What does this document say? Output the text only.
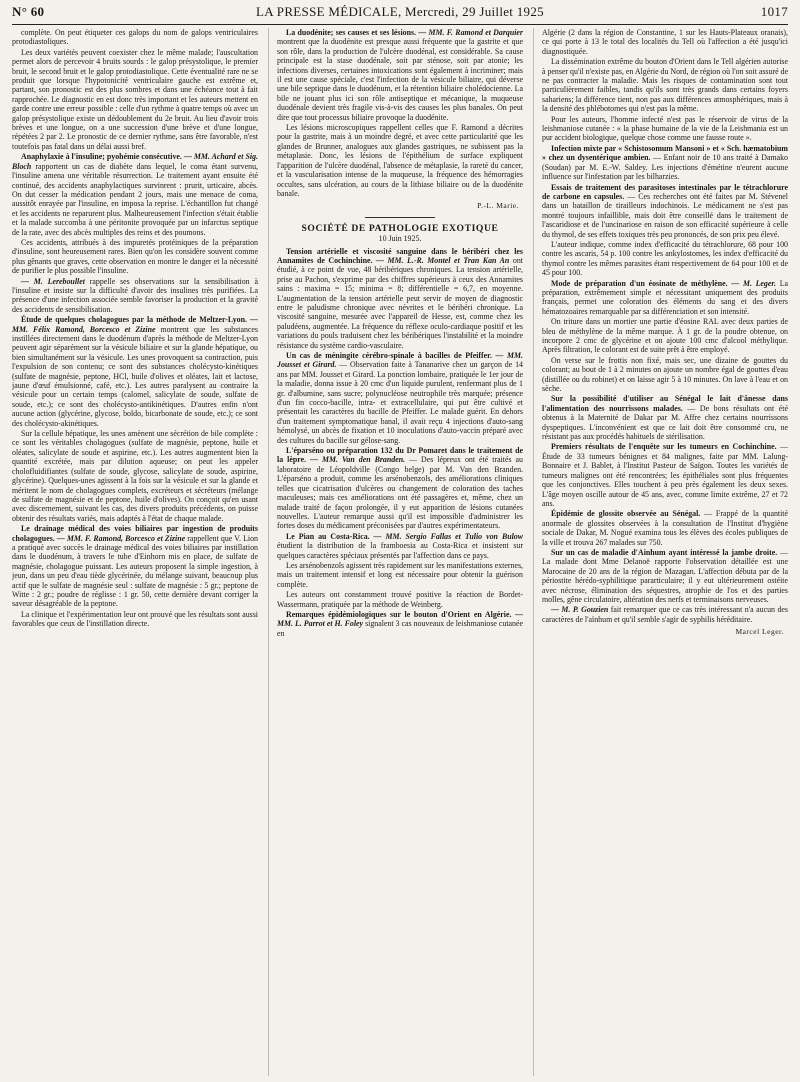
N° 60	LA PRESSE MÉDICALE, Mercredi, 29 Juillet 1925	1017

complète. On peut étiqueter ces galops du nom de galops ventriculaires protodiastoliques.

Les deux variétés peuvent coexister chez le même malade; l'auscultation permet alors de percevoir 4 bruits sourds : le galop présystolique, le premier bruit, le second bruit et le galop protodiastolique. Cette éventualité rare ne se produit que lorsque l'hypotonicité ventriculaire gauche est extrême et, partant, son pronostic est des plus sombres et dans une échéance tout à fait rapprochée. Le diagnostic en est donc très important et les auteurs mettent en garde contre une erreur possible : celle d'un rythme à quatre temps où avec un galop présystolique existe un dédoublement du 2e bruit. Au lieu d'avoir trois brèves et une longue, on a une succession d'une brève et d'une longue, répétées 2 par 2. Le pronostic de ce dernier rythme, sans être favorable, n'est toutefois pas fatal dans un délai aussi bref.

Anaphylaxie à l'insuline; pyohémie consécutive. — MM. Achard et Sig. Bloch rapportent un cas de diabète dans lequel, le coma étant survenu, l'insuline amena une véritable résurrection. Le traitement ayant ensuite été continué, des accidents anaphylactiques survinrent : prurit, urticaire, abcès. On dut cesser la médication pendant 2 jours, mais une menace de coma, aussitôt enrayée par l'insuline, en imposa la reprise. L'échantillon fut changé et les accidents ne reparurent plus. Malheureusement l'infection s'était établie et la malade succomba à une péritonite provoquée par un infarctus septique de la rate, avec des abcès multiples des reins et des poumons.

Ces accidents, attribués à des impuretés protéiniques de la préparation d'insuline, sont heureusement rares. Bien qu'on les considère souvent comme plus gênants que graves, cette observation en montre le danger et la nécessité de purifier le plus possible l'insuline.

— M. Lereboullet rappelle ses observations sur la sensibilisation à l'insuline et insiste sur la difficulté d'avoir des insulines très purifiées. La présence d'une infection associée semble favoriser la production et la gravité des accidents de sensibilisation.

Étude de quelques cholagogues par la méthode de Meltzer-Lyon. — MM. Félix Ramond, Borcesco et Zizine montrent que les substances instillées directement dans le duodénum d'après la méthode de Meltzer-Lyon peuvent agir séparément sur la vésicule biliaire et sur la glande hépatique, ou bien simultanément sur la vésicule. Les unes provoquent sa contraction, puis l'expulsion de son contenu; ce sont des substances cholécysto-kinétiques (sulfate de magnésie, peptone, HCl, huile d'olives et oléates, lait et lactose, jaune d'œuf émulsionné, café, etc.). Les autres paralysent au contraire la vésicule pour un certain temps (calomel, salicylate de soude, sulfate de soude, etc.); ce sont des cholécysto-antikinétiques. D'autres enfin n'ont aucune action (glycérine, glycose, boldo, bicarbonate de soude, etc.); ce sont des cholécysto-akinétiques.

Sur la cellule hépatique, les unes amènent une sécrétion de bile complète : ce sont les véritables cholagogues (sulfate de magnésie, peptone, huile et oléates, salicylate de soude et aspirine, etc.). Les autres augmentent bien la quantité excrétée, mais par dilution aqueuse; on peut les appeler cholofluidifiantes (sulfate de soude, glycose, salicylate de soude, aspirine, glycérine). Quelques-unes agissent à la fois sur la vésicule et sur la glande et méritent le nom de cholagogues complets, excréteurs et sécréteurs (mélange de sulfate de magnésie et de peptone, huile d'olives). On conçoit qu'en usant avec discernement, suivant les cas, des divers produits précédents, on puisse obtenir des résultats variés, mais adaptés à l'état de chaque malade.

Le drainage médical des voies biliaires par ingestion de produits cholagogues. — MM. F. Ramond, Borcesco et Zizine rappellent que V. Lion a pratiqué avec succès le drainage médical des voies biliaires par instillation dans le duodénum, à travers le tube d'Einhorn mis en place, de sulfate de magnésie, cholagogue puissant. Les auteurs proposent la simple ingestion, à jeun, dans un peu d'eau tiède glycérinée, du mélange suivant, beaucoup plus actif que le sulfate de magnésie seul : sulfate de magnésie : 5 gr.; peptone de Witte : 2 gr.; poudre de réglisse : 1 gr. 50, cette dernière devant corriger la saveur désagréable de la peptone.

La clinique et l'expérimentation leur ont prouvé que les résultats sont aussi favorables que ceux de l'instillation directe.

La duodénite; ses causes et ses lésions. — MM. F. Ramond et Darquier montrent que la duodénite est presque aussi fréquente que la gastrite et que son rôle, dans la production de l'ulcère duodénal, est considérable. Sa cause principale est la stase duodénale, soit par sténose, soit par atonie; les infections diverses, certaines intoxications sont également à incriminer; mais il est une cause spéciale, c'est l'infection de la vésicule biliaire, qui déverse une bile septique dans le duodénum, et la rétention biliaire cholédocienne. La bile ne jouant plus ici son rôle antiseptique et mécanique, la muqueuse duodénale devient très fragile vis-à-vis des causes les plus banales. On peut dire que tout processus biliaire provoque la duodénite.

Les lésions microscopiques rappellent celles que F. Ramond a décrites pour la gastrite, mais à un moindre degré, et avec cette particularité que les glandes de Brunner, analogues aux glandes gastriques, ne subissent pas la métaplasie. Donc, les lésions de l'épithélium de surface expliquent l'apparition de l'ulcère duodénal, l'absence de métaplasie, la rareté du cancer, et la vascularisation intense de la muqueuse, la fréquence des hémorragies occultes, sans ulcération, au cours de la lithiase biliaire ou de la duodénite banale.

P.-L. Marie.

SOCIÉTÉ DE PATHOLOGIE EXOTIQUE

10 Juin 1925.

Tension artérielle et viscosité sanguine dans le béribéri chez les Annamites de Cochinchine. — MM. L.-R. Montel et Tran Kan An ont étudié, à ce point de vue, 48 béribériques chroniques. La tension artérielle, prise au Pachon, s'exprime par des chiffres supérieurs à ceux des Annamites sains : maxima = 15; minima = 8; différentielle = 6,7, en moyenne. L'augmentation de la tension artérielle peut servir de moyen de diagnostic entre le paludisme chronique avec névrites et le béribéri chronique. La viscosité sanguine, mesurée avec l'appareil de Hesse, est, comme chez les paludéens, augmentée. La fréquence du réflexe oculo-cardiaque positif et les variations du pouls traduisent chez les béribériques l'instabilité et la moindre résistance du système cardio-vasculaire.

Un cas de méningite cérébro-spinale à bacilles de Pfeiffer. — MM. Jousset et Girard. — Observation faite à Tananarive chez un garçon de 14 ans par MM. Jousset et Girard. La ponction lombaire, pratiquée le 1er jour de la maladie, donna issue à 20 cmc d'un liquide purulent, renfermant plus de 1 gr. d'albumine, sans sucre; polynucléose neutrophile très marquée; présence d'un fin cocco-bacille, intra- et extracellulaire, qui put être cultivé et présentait les caractères du bacille de Pfeiffer. Le malade guérit. En dehors d'un traitement symptomatique banal, il avait reçu 4 injections d'auto-sang hémolysé, un abcès de fixation et 10 inoculations d'auto-vaccin préparé avec des cultures du bacille sur gélose-sang.

L'éparséno ou préparation 132 du Dr Pomaret dans le traitement de la lèpre. — MM. Van den Branden. — Des lépreux ont été traités au laboratoire de Léopoldville (Congo belge) par M. Van den Branden. L'éparséno a produit, comme les arsénobenzols, des améliorations cliniques telles que cicatrisation d'ulcères ou changement de coloration des taches maculeuses; mais ces améliorations ont été passagères et, même, chez un malade traité de façon prolongée, il y eut apparition de lésions cutanées nouvelles. L'auteur remarque aussi qu'il est impossible d'administrer les fortes doses du médicament préconisées par d'autres expérimentateurs.

Le Pian au Costa-Rica. — MM. Sergio Fallas et Tulio von Bulow étudient la distribution de la framboesia au Costa-Rica et insistent sur quelques caractères spéciaux présentés par l'affection dans ce pays.

Les arsénobenzols agissent très rapidement sur les manifestations externes, mais un traitement intensif et long est nécessaire pour obtenir la guérison complète.

Les auteurs ont constamment trouvé positive la réaction de Bordet-Wassermann, pratiquée par la méthode de Weinberg.

Remarques épidémiologiques sur le bouton d'Orient en Algérie. — MM. L. Parrot et H. Foley signalent 3 cas nouveaux de leishmaniose cutanée en

Algérie (2 dans la région de Constantine, 1 sur les Hauts-Plateaux oranais), ce qui porte à 13 le total des localités du Tell où l'affection a été jusqu'ici diagnostiquée.

La dissémination extrême du bouton d'Orient dans le Tell algérien autorise à penser qu'il n'existe pas, en Algérie du Nord, de région où l'on soit assuré de ne pas contracter la maladie. Mais les risques de contamination sont tout particulièrement faibles, tandis qu'ils sont très grands dans certains foyers sahariens; la différence tient, non pas aux différences atmosphériques, mais à la densité des phlébotomes qui n'est pas la même.

Pour les auteurs, l'homme infecté n'est pas le réservoir de virus de la leishmaniose cutanée : « la phase humaine de la vie de la Leishmania est un pur accident biologique, quelque chose comme une fausse route ».

Infection mixte par « Schistosomum Mansoni » et « Sch. hæmatobium » chez un dysentérique ambien. — Enfant noir de 10 ans traité à Damako (Soudan) par M. E.-W. Saldey. Les injections d'émétine n'eurent aucune influence sur l'infestation par les bilharzies.

Essais de traitement des parasitoses intestinales par le tétrachlorure de carbone en capsules. — Ces recherches ont été faites par M. Stévenel dans un bataillon de tirailleurs indochinois. Le médicament ne s'est pas montré toujours infaillible, mais doit être conseillé dans le traitement de l'ascaridiose et de l'uncinariose en raison de son efficacité supérieure à celle du thymol, de ses effets toxiques très peu prononcés, de son prix peu élevé.

L'auteur indique, comme index d'efficacité du tétrachlorure, 68 pour 100 contre les ascaris, 54 p. 100 contre les ankylostomes, les index d'efficacité du thymol contre les mêmes parasites étant respectivement de 64 pour 100 et de 45 pour 100.

Mode de préparation d'un éosinate de méthylène. — M. Leger. La préparation, extrêmement simple et nécessitant uniquement des produits français, permet une coloration des éléments du sang et des divers hématozoaires remarquable par sa différenciation et son intensité.

On triture dans un mortier une partie d'éosine RAL avec deux parties de bleu de méthylène de la même marque. À 1 gr. de la poudre obtenue, on incorpore 2 cmc de glycérine et on ajoute 100 cmc d'alcool méthylique. Après filtration, le colorant est de suite prêt à être employé.

On verse sur le frottis non fixé, mais sec, une dizaine de gouttes du colorant; au bout de 1 à 2 minutes on ajoute un nombre égal de gouttes d'eau (distillée ou du robinet) et on laisse agir 5 à 10 minutes. On lave à l'eau et on sèche.

Sur la possibilité d'utiliser au Sénégal le lait d'ânesse dans l'alimentation des nourrissons malades. — De bons résultats ont été obtenus à la Maternité de Dakar par M. Affre chez certains nourrissons dyspeptiques. L'inconvénient est que ce lait doit être consommé cru, ne résistant pas aux procédés habituels de stérilisation.

Premiers résultats de l'enquête sur les tumeurs en Cochinchine. — Étude de 33 tumeurs bénignes et 84 malignes, faite par MM. Lalung-Bonnaire et J. Bablet, à l'Institut Pasteur de Saïgon. Toutes les variétés de tumeurs malignes ont été rencontrées; les épithéliales sont plus fréquentes que les conjonctives. Elles touchent à peu près également les deux sexes. L'âge moyen oscille autour de 45 ans, avec, comme limite extrême, 27 et 72 ans.

Épidémie de glossite observée au Sénégal. — Frappé de la quantité anormale de glossites observées à la consultation de l'Institut d'hygiène sociale de Dakar, M. Nogué examina tous les élèves des écoles publiques de la ville et trouva 267 malades sur 750.

Sur un cas de maladie d'Ainhum ayant intéressé la jambe droite. — La malade dont Mme Delanoë rapporte l'observation détaillée est une Marocaine de 20 ans de la région de Mazagan. L'affection débuta par de la périostite hérédo-syphilitique pararticulaire; il y eut ultérieurement ostéite avec nécrose, élimination des séquestres, atrophie de l'os et des parties molles, gêne circulatoire, altération des nerfs et terminaisons nerveuses.

— M. P. Gouzien fait remarquer que ce cas très intéressant n'a aucun des caractères de l'aïnhum et qu'il semble s'agir de syphilis héréditaire.

Marcel Leger.
